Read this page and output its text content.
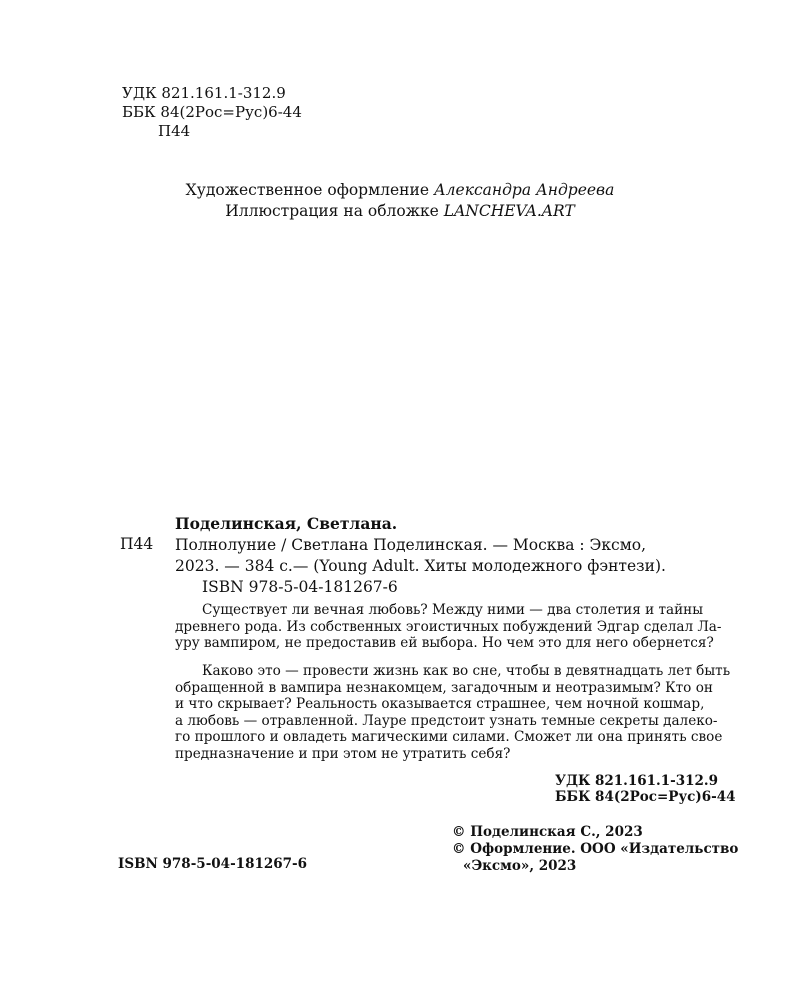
УДК 821.161.1-312.9
ББК 84(2Рос=Рус)6-44
П44
Художественное оформление Александра Андреева
Иллюстрация на обложке LANCHEVA.ART
Поделинская, Светлана.
П44 Полнолуние / Светлана Поделинская. — Москва : Эксмо,
2023. — 384 с.— (Young Adult. Хиты молодежного фэнтези).
ISBN 978-5-04-181267-6
Существует ли вечная любовь? Между ними — два столетия и тайны
древнего рода. Из собственных эгоистичных побуждений Эдгар сделал Ла-
уру вампиром, не предоставив ей выбора. Но чем это для него обернется?
Каково это — провести жизнь как во сне, чтобы в девятнадцать лет быть
обращенной в вампира незнакомцем, загадочным и неотразимым? Кто он
и что скрывает? Реальность оказывается страшнее, чем ночной кошмар,
а любовь — отравленной. Лауре предстоит узнать темные секреты далеко-
го прошлого и овладеть магическими силами. Сможет ли она принять свое
предназначение и при этом не утратить себя?
УДК 821.161.1-312.9
ББК 84(2Рос=Рус)6-44
© Поделинская С., 2023
© Оформление. ООО «Издательство
«Эксмо», 2023
ISBN 978-5-04-181267-6
